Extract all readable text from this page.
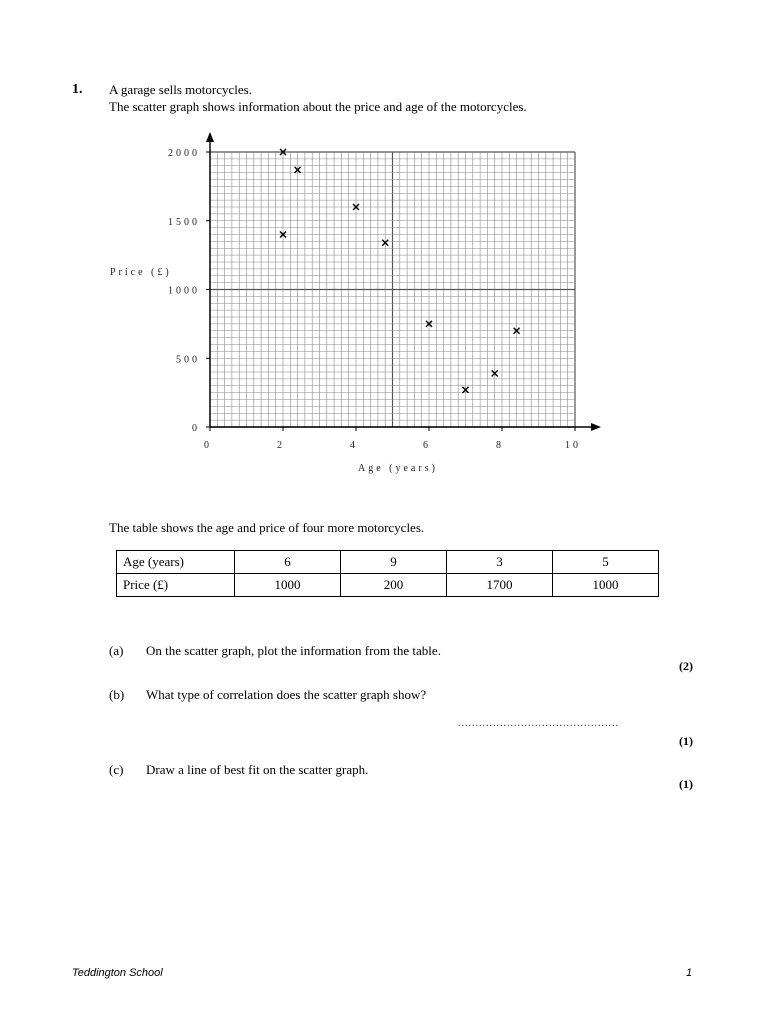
1. A garage sells motorcycles.
The scatter graph shows information about the price and age of the motorcycles.
0	2	4	6	8	10
0
500
1000
1500
2000
Price (£)
Age (years)
The table shows the age and price of four more motorcycles.
Age (years)	6	9	3	5
Price (£)	1000	200	1700	1000
(a) On the scatter graph, plot the information from the table.
(2)
(b) What type of correlation does the scatter graph show?
..............................................
(1)
(c) Draw a line of best fit on the scatter graph.
(1)
Teddington School	1
